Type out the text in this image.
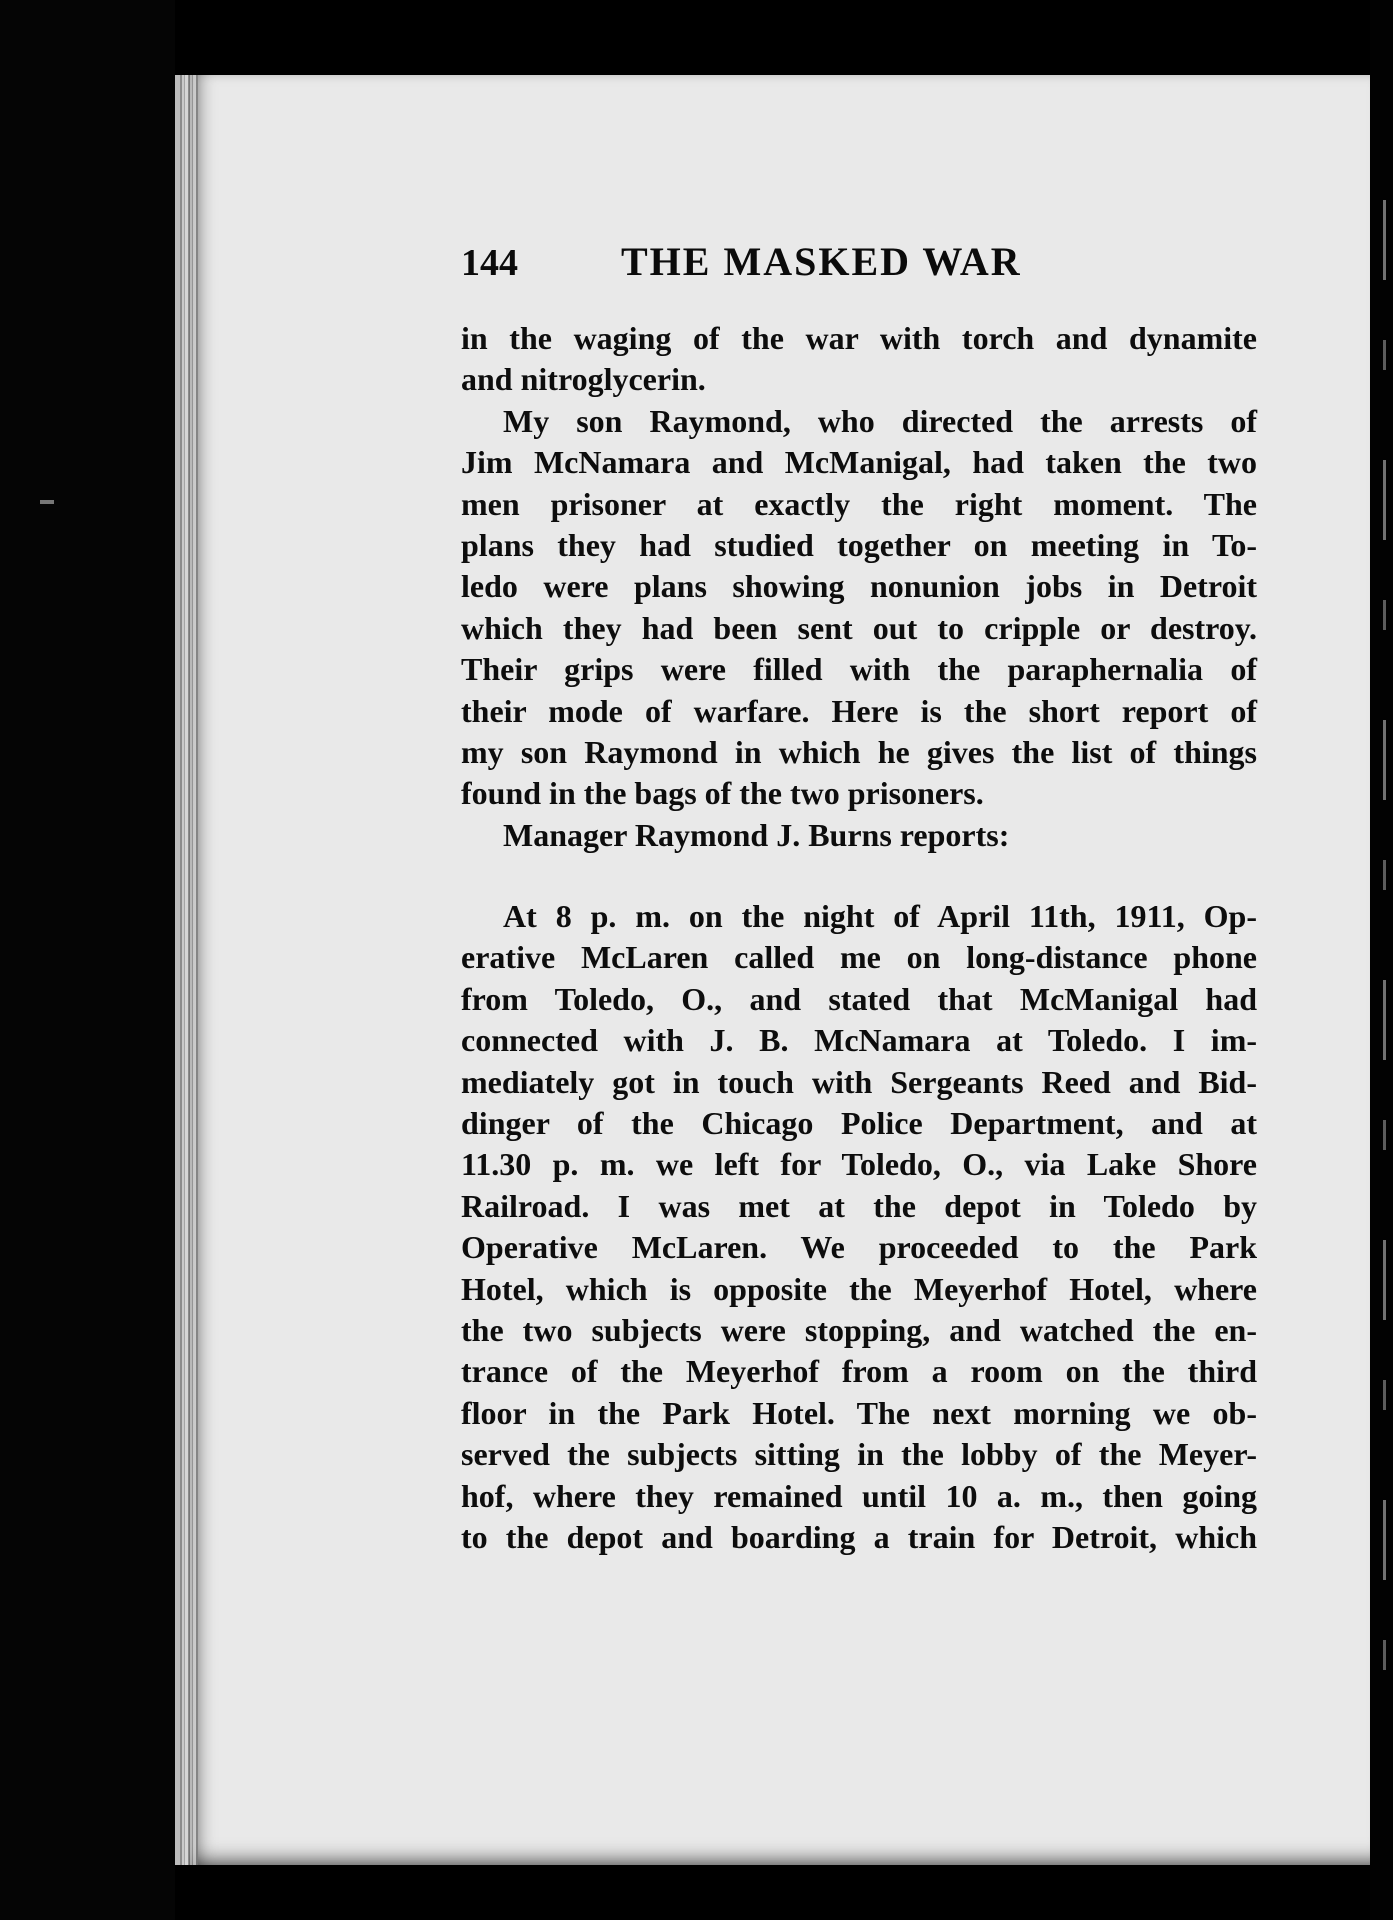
144	THE MASKED WAR
in the waging of the war with torch and dynamite
and nitroglycerin.
My son Raymond, who directed the arrests of
Jim McNamara and McManigal, had taken the two
men prisoner at exactly the right moment. The
plans they had studied together on meeting in To-
ledo were plans showing nonunion jobs in Detroit
which they had been sent out to cripple or destroy.
Their grips were filled with the paraphernalia of
their mode of warfare. Here is the short report of
my son Raymond in which he gives the list of things
found in the bags of the two prisoners.
Manager Raymond J. Burns reports:
At 8 p. m. on the night of April 11th, 1911, Op-
erative McLaren called me on long-distance phone
from Toledo, O., and stated that McManigal had
connected with J. B. McNamara at Toledo. I im-
mediately got in touch with Sergeants Reed and Bid-
dinger of the Chicago Police Department, and at
11.30 p. m. we left for Toledo, O., via Lake Shore
Railroad. I was met at the depot in Toledo by
Operative McLaren. We proceeded to the Park
Hotel, which is opposite the Meyerhof Hotel, where
the two subjects were stopping, and watched the en-
trance of the Meyerhof from a room on the third
floor in the Park Hotel. The next morning we ob-
served the subjects sitting in the lobby of the Meyer-
hof, where they remained until 10 a. m., then going
to the depot and boarding a train for Detroit, which
